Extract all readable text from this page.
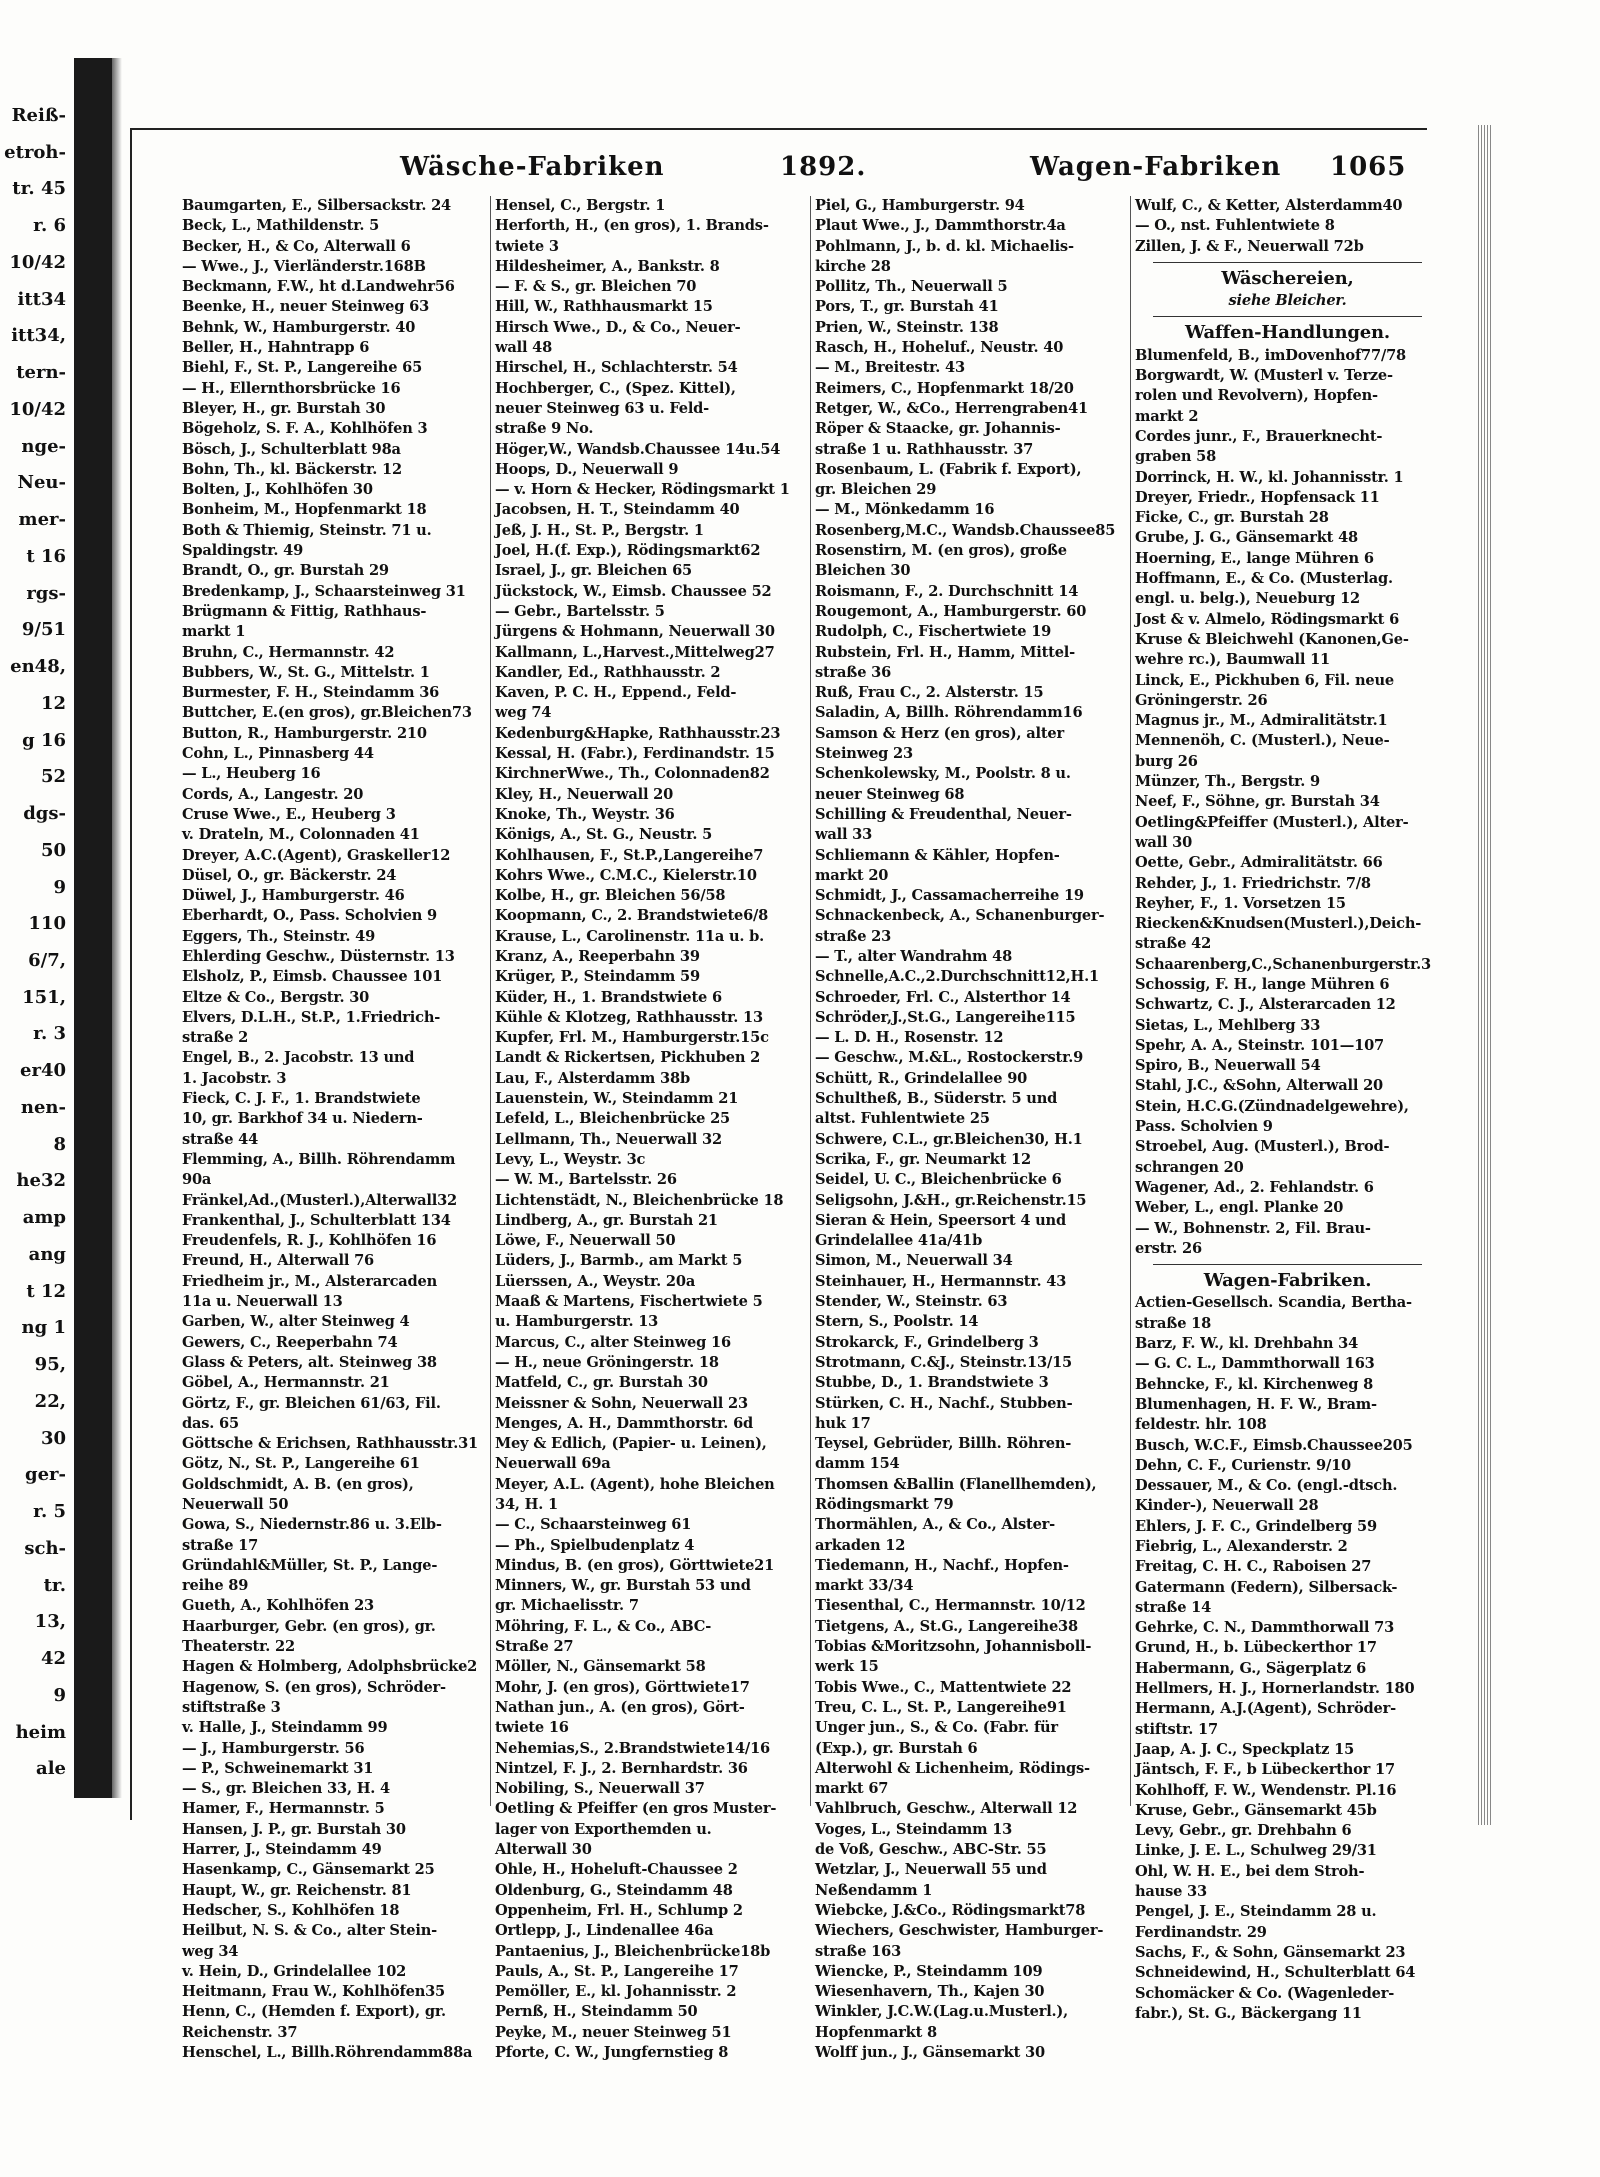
Reiß-
etroh-
tr. 45
r. 6
10/42
itt34
itt34,
tern-
10/42
nge-
Neu-
mer-
t 16
rgs-
9/51
en48,
12
g 16
52
dgs-
50
9
110
6/7,
151,
r. 3
er40
nen-
8
he32
amp
ang
t 12
ng 1
95,
22,
30
ger-
r. 5
sch-
tr.
13,
42
9
heim
ale
Wäsche-Fabriken	1892.	Wagen-Fabriken 1065
Baumgarten, E., Silbersackstr. 24
Beck, L., Mathildenstr. 5
Becker, H., & Co, Alterwall 6
— Wwe., J., Vierländerstr.168B
Beckmann, F.W., ht d.Landwehr56
Beenke, H., neuer Steinweg 63
Behnk, W., Hamburgerstr. 40
Beller, H., Hahntrapp 6
Biehl, F., St. P., Langereihe 65
— H., Ellernthorsbrücke 16
Bleyer, H., gr. Burstah 30
Bögeholz, S. F. A., Kohlhöfen 3
Bösch, J., Schulterblatt 98a
Bohn, Th., kl. Bäckerstr. 12
Bolten, J., Kohlhöfen 30
Bonheim, M., Hopfenmarkt 18
Both & Thiemig, Steinstr. 71 u.
Spaldingstr. 49
Brandt, O., gr. Burstah 29
Bredenkamp, J., Schaarsteinweg 31
Brügmann & Fittig, Rathhaus-
markt 1
Bruhn, C., Hermannstr. 42
Bubbers, W., St. G., Mittelstr. 1
Burmester, F. H., Steindamm 36
Buttcher, E.(en gros), gr.Bleichen73
Button, R., Hamburgerstr. 210
Cohn, L., Pinnasberg 44
— L., Heuberg 16
Cords, A., Langestr. 20
Cruse Wwe., E., Heuberg 3
v. Drateln, M., Colonnaden 41
Dreyer, A.C.(Agent), Graskeller12
Düsel, O., gr. Bäckerstr. 24
Düwel, J., Hamburgerstr. 46
Eberhardt, O., Pass. Scholvien 9
Eggers, Th., Steinstr. 49
Ehlerding Geschw., Düsternstr. 13
Elsholz, P., Eimsb. Chaussee 101
Eltze & Co., Bergstr. 30
Elvers, D.L.H., St.P., 1.Friedrich-
straße 2
Engel, B., 2. Jacobstr. 13 und
1. Jacobstr. 3
Fieck, C. J. F., 1. Brandstwiete
10, gr. Barkhof 34 u. Niedern-
straße 44
Flemming, A., Billh. Röhrendamm
90a
Fränkel,Ad.,(Musterl.),Alterwall32
Frankenthal, J., Schulterblatt 134
Freudenfels, R. J., Kohlhöfen 16
Freund, H., Alterwall 76
Friedheim jr., M., Alsterarcaden
11a u. Neuerwall 13
Garben, W., alter Steinweg 4
Gewers, C., Reeperbahn 74
Glass & Peters, alt. Steinweg 38
Göbel, A., Hermannstr. 21
Görtz, F., gr. Bleichen 61/63, Fil.
das. 65
Göttsche & Erichsen, Rathhausstr.31
Götz, N., St. P., Langereihe 61
Goldschmidt, A. B. (en gros),
Neuerwall 50
Gowa, S., Niedernstr.86 u. 3.Elb-
straße 17
Gründahl&Müller, St. P., Lange-
reihe 89
Gueth, A., Kohlhöfen 23
Haarburger, Gebr. (en gros), gr.
Theaterstr. 22
Hagen & Holmberg, Adolphsbrücke2
Hagenow, S. (en gros), Schröder-
stiftstraße 3
v. Halle, J., Steindamm 99
— J., Hamburgerstr. 56
— P., Schweinemarkt 31
— S., gr. Bleichen 33, H. 4
Hamer, F., Hermannstr. 5
Hansen, J. P., gr. Burstah 30
Harrer, J., Steindamm 49
Hasenkamp, C., Gänsemarkt 25
Haupt, W., gr. Reichenstr. 81
Hedscher, S., Kohlhöfen 18
Heilbut, N. S. & Co., alter Stein-
weg 34
v. Hein, D., Grindelallee 102
Heitmann, Frau W., Kohlhöfen35
Henn, C., (Hemden f. Export), gr.
Reichenstr. 37
Henschel, L., Billh.Röhrendamm88a
Hensel, C., Bergstr. 1
Herforth, H., (en gros), 1. Brands-
twiete 3
Hildesheimer, A., Bankstr. 8
— F. & S., gr. Bleichen 70
Hill, W., Rathhausmarkt 15
Hirsch Wwe., D., & Co., Neuer-
wall 48
Hirschel, H., Schlachterstr. 54
Hochberger, C., (Spez. Kittel),
neuer Steinweg 63 u. Feld-
straße 9 No.
Höger,W., Wandsb.Chaussee 14u.54
Hoops, D., Neuerwall 9
— v. Horn & Hecker, Rödingsmarkt 1
Jacobsen, H. T., Steindamm 40
Jeß, J. H., St. P., Bergstr. 1
Joel, H.(f. Exp.), Rödingsmarkt62
Israel, J., gr. Bleichen 65
Jückstock, W., Eimsb. Chaussee 52
— Gebr., Bartelsstr. 5
Jürgens & Hohmann, Neuerwall 30
Kallmann, L.,Harvest.,Mittelweg27
Kandler, Ed., Rathhausstr. 2
Kaven, P. C. H., Eppend., Feld-
weg 74
Kedenburg&Hapke, Rathhausstr.23
Kessal, H. (Fabr.), Ferdinandstr. 15
KirchnerWwe., Th., Colonnaden82
Kley, H., Neuerwall 20
Knoke, Th., Weystr. 36
Königs, A., St. G., Neustr. 5
Kohlhausen, F., St.P.,Langereihe7
Kohrs Wwe., C.M.C., Kielerstr.10
Kolbe, H., gr. Bleichen 56/58
Koopmann, C., 2. Brandstwiete6/8
Krause, L., Carolinenstr. 11a u. b.
Kranz, A., Reeperbahn 39
Krüger, P., Steindamm 59
Küder, H., 1. Brandstwiete 6
Kühle & Klotzeg, Rathhausstr. 13
Kupfer, Frl. M., Hamburgerstr.15c
Landt & Rickertsen, Pickhuben 2
Lau, F., Alsterdamm 38b
Lauenstein, W., Steindamm 21
Lefeld, L., Bleichenbrücke 25
Lellmann, Th., Neuerwall 32
Levy, L., Weystr. 3c
— W. M., Bartelsstr. 26
Lichtenstädt, N., Bleichenbrücke 18
Lindberg, A., gr. Burstah 21
Löwe, F., Neuerwall 50
Lüders, J., Barmb., am Markt 5
Lüerssen, A., Weystr. 20a
Maaß & Martens, Fischertwiete 5
u. Hamburgerstr. 13
Marcus, C., alter Steinweg 16
— H., neue Gröningerstr. 18
Matfeld, C., gr. Burstah 30
Meissner & Sohn, Neuerwall 23
Menges, A. H., Dammthorstr. 6d
Mey & Edlich, (Papier- u. Leinen),
Neuerwall 69a
Meyer, A.L. (Agent), hohe Bleichen
34, H. 1
— C., Schaarsteinweg 61
— Ph., Spielbudenplatz 4
Mindus, B. (en gros), Görttwiete21
Minners, W., gr. Burstah 53 und
gr. Michaelisstr. 7
Möhring, F. L., & Co., ABC-
Straße 27
Möller, N., Gänsemarkt 58
Mohr, J. (en gros), Görttwiete17
Nathan jun., A. (en gros), Gört-
twiete 16
Nehemias,S., 2.Brandstwiete14/16
Nintzel, F. J., 2. Bernhardstr. 36
Nobiling, S., Neuerwall 37
Oetling & Pfeiffer (en gros Muster-
lager von Exporthemden u.
Alterwall 30
Ohle, H., Hoheluft-Chaussee 2
Oldenburg, G., Steindamm 48
Oppenheim, Frl. H., Schlump 2
Ortlepp, J., Lindenallee 46a
Pantaenius, J., Bleichenbrücke18b
Pauls, A., St. P., Langereihe 17
Pemöller, E., kl. Johannisstr. 2
Pernß, H., Steindamm 50
Peyke, M., neuer Steinweg 51
Pforte, C. W., Jungfernstieg 8
Piel, G., Hamburgerstr. 94
Plaut Wwe., J., Dammthorstr.4a
Pohlmann, J., b. d. kl. Michaelis-
kirche 28
Pollitz, Th., Neuerwall 5
Pors, T., gr. Burstah 41
Prien, W., Steinstr. 138
Rasch, H., Hoheluf., Neustr. 40
— M., Breitestr. 43
Reimers, C., Hopfenmarkt 18/20
Retger, W., &Co., Herrengraben41
Röper & Staacke, gr. Johannis-
straße 1 u. Rathhausstr. 37
Rosenbaum, L. (Fabrik f. Export),
gr. Bleichen 29
— M., Mönkedamm 16
Rosenberg,M.C., Wandsb.Chaussee85
Rosenstirn, M. (en gros), große
Bleichen 30
Roismann, F., 2. Durchschnitt 14
Rougemont, A., Hamburgerstr. 60
Rudolph, C., Fischertwiete 19
Rubstein, Frl. H., Hamm, Mittel-
straße 36
Ruß, Frau C., 2. Alsterstr. 15
Saladin, A, Billh. Röhrendamm16
Samson & Herz (en gros), alter
Steinweg 23
Schenkolewsky, M., Poolstr. 8 u.
neuer Steinweg 68
Schilling & Freudenthal, Neuer-
wall 33
Schliemann & Kähler, Hopfen-
markt 20
Schmidt, J., Cassamacherreihe 19
Schnackenbeck, A., Schanenburger-
straße 23
— T., alter Wandrahm 48
Schnelle,A.C.,2.Durchschnitt12,H.1
Schroeder, Frl. C., Alsterthor 14
Schröder,J.,St.G., Langereihe115
— L. D. H., Rosenstr. 12
— Geschw., M.&L., Rostockerstr.9
Schütt, R., Grindelallee 90
Schultheß, B., Süderstr. 5 und
altst. Fuhlentwiete 25
Schwere, C.L., gr.Bleichen30, H.1
Scrika, F., gr. Neumarkt 12
Seidel, U. C., Bleichenbrücke 6
Seligsohn, J.&H., gr.Reichenstr.15
Sieran & Hein, Speersort 4 und
Grindelallee 41a/41b
Simon, M., Neuerwall 34
Steinhauer, H., Hermannstr. 43
Stender, W., Steinstr. 63
Stern, S., Poolstr. 14
Strokarck, F., Grindelberg 3
Strotmann, C.&J., Steinstr.13/15
Stubbe, D., 1. Brandstwiete 3
Stürken, C. H., Nachf., Stubben-
huk 17
Teysel, Gebrüder, Billh. Röhren-
damm 154
Thomsen &Ballin (Flanellhemden),
Rödingsmarkt 79
Thormählen, A., & Co., Alster-
arkaden 12
Tiedemann, H., Nachf., Hopfen-
markt 33/34
Tiesenthal, C., Hermannstr. 10/12
Tietgens, A., St.G., Langereihe38
Tobias &Moritzsohn, Johannisboll-
werk 15
Tobis Wwe., C., Mattentwiete 22
Treu, C. L., St. P., Langereihe91
Unger jun., S., & Co. (Fabr. für
(Exp.), gr. Burstah 6
Alterwohl & Lichenheim, Rödings-
markt 67
Vahlbruch, Geschw., Alterwall 12
Voges, L., Steindamm 13
de Voß, Geschw., ABC-Str. 55
Wetzlar, J., Neuerwall 55 und
Neßendamm 1
Wiebcke, J.&Co., Rödingsmarkt78
Wiechers, Geschwister, Hamburger-
straße 163
Wiencke, P., Steindamm 109
Wiesenhavern, Th., Kajen 30
Winkler, J.C.W.(Lag.u.Musterl.),
Hopfenmarkt 8
Wolff jun., J., Gänsemarkt 30
Wulf, C., & Ketter, Alsterdamm40
— O., nst. Fuhlentwiete 8
Zillen, J. & F., Neuerwall 72b
Wäschereien,
siehe Bleicher.
Waffen-Handlungen.
Blumenfeld, B., imDovenhof77/78
Borgwardt, W. (Musterl v. Terze-
rolen und Revolvern), Hopfen-
markt 2
Cordes junr., F., Brauerknecht-
graben 58
Dorrinck, H. W., kl. Johannisstr. 1
Dreyer, Friedr., Hopfensack 11
Ficke, C., gr. Burstah 28
Grube, J. G., Gänsemarkt 48
Hoerning, E., lange Mühren 6
Hoffmann, E., & Co. (Musterlag.
engl. u. belg.), Neueburg 12
Jost & v. Almelo, Rödingsmarkt 6
Kruse & Bleichwehl (Kanonen,Ge-
wehre rc.), Baumwall 11
Linck, E., Pickhuben 6, Fil. neue
Gröningerstr. 26
Magnus jr., M., Admiralitätstr.1
Mennenöh, C. (Musterl.), Neue-
burg 26
Münzer, Th., Bergstr. 9
Neef, F., Söhne, gr. Burstah 34
Oetling&Pfeiffer (Musterl.), Alter-
wall 30
Oette, Gebr., Admiralitätstr. 66
Rehder, J., 1. Friedrichstr. 7/8
Reyher, F., 1. Vorsetzen 15
Riecken&Knudsen(Musterl.),Deich-
straße 42
Schaarenberg,C.,Schanenburgerstr.3
Schossig, F. H., lange Mühren 6
Schwartz, C. J., Alsterarcaden 12
Sietas, L., Mehlberg 33
Spehr, A. A., Steinstr. 101—107
Spiro, B., Neuerwall 54
Stahl, J.C., &Sohn, Alterwall 20
Stein, H.C.G.(Zündnadelgewehre),
Pass. Scholvien 9
Stroebel, Aug. (Musterl.), Brod-
schrangen 20
Wagener, Ad., 2. Fehlandstr. 6
Weber, L., engl. Planke 20
— W., Bohnenstr. 2, Fil. Brau-
erstr. 26
Wagen-Fabriken.
Actien-Gesellsch. Scandia, Bertha-
straße 18
Barz, F. W., kl. Drehbahn 34
— G. C. L., Dammthorwall 163
Behncke, F., kl. Kirchenweg 8
Blumenhagen, H. F. W., Bram-
feldestr. hlr. 108
Busch, W.C.F., Eimsb.Chaussee205
Dehn, C. F., Curienstr. 9/10
Dessauer, M., & Co. (engl.-dtsch.
Kinder-), Neuerwall 28
Ehlers, J. F. C., Grindelberg 59
Fiebrig, L., Alexanderstr. 2
Freitag, C. H. C., Raboisen 27
Gatermann (Federn), Silbersack-
straße 14
Gehrke, C. N., Dammthorwall 73
Grund, H., b. Lübeckerthor 17
Habermann, G., Sägerplatz 6
Hellmers, H. J., Hornerlandstr. 180
Hermann, A.J.(Agent), Schröder-
stiftstr. 17
Jaap, A. J. C., Speckplatz 15
Jäntsch, F. F., b Lübeckerthor 17
Kohlhoff, F. W., Wendenstr. Pl.16
Kruse, Gebr., Gänsemarkt 45b
Levy, Gebr., gr. Drehbahn 6
Linke, J. E. L., Schulweg 29/31
Ohl, W. H. E., bei dem Stroh-
hause 33
Pengel, J. E., Steindamm 28 u.
Ferdinandstr. 29
Sachs, F., & Sohn, Gänsemarkt 23
Schneidewind, H., Schulterblatt 64
Schomäcker & Co. (Wagenleder-
fabr.), St. G., Bäckergang 11
